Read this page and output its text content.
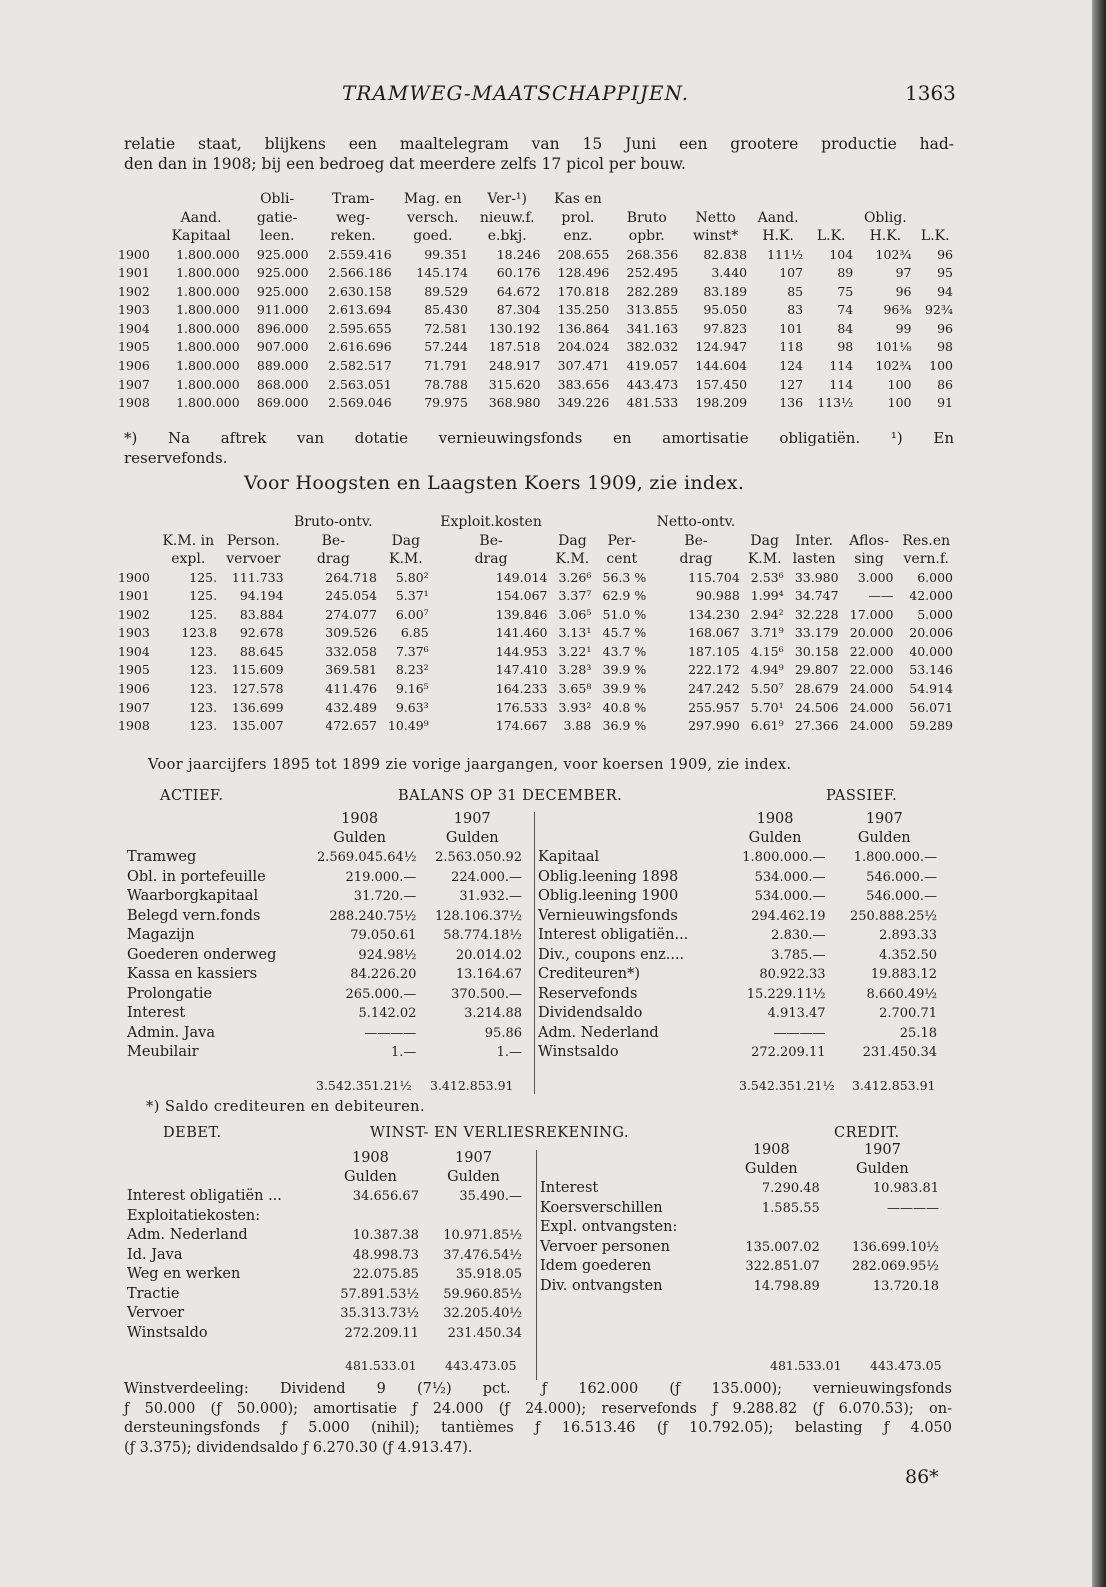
TRAMWEG-MAATSCHAPPIJEN.	1363
relatie staat, blijkens een maaltelegram van 15 Juni een grootere productie had-
den dan in 1908; bij een bedroeg dat meerdere zelfs 17 picol per bouw.
		Obli-	Tram-	Mag. en	Ver-¹)	Kas en						
	Aand.	gatie-	weg-	versch.	nieuw.f.	prol.	Bruto	Netto	Aand.		Oblig.	
	Kapitaal	leen.	reken.	goed.	e.bkj.	enz.	opbr.	winst*	H.K.	L.K.	H.K.	L.K.
1900	1.800.000	925.000	2.559.416	99.351	18.246	208.655	268.356	82.838	111½	104	102¾	96
1901	1.800.000	925.000	2.566.186	145.174	60.176	128.496	252.495	3.440	107	89	97	95
1902	1.800.000	925.000	2.630.158	89.529	64.672	170.818	282.289	83.189	85	75	96	94
1903	1.800.000	911.000	2.613.694	85.430	87.304	135.250	313.855	95.050	83	74	96⅜	92¾
1904	1.800.000	896.000	2.595.655	72.581	130.192	136.864	341.163	97.823	101	84	99	96
1905	1.800.000	907.000	2.616.696	57.244	187.518	204.024	382.032	124.947	118	98	101⅛	98
1906	1.800.000	889.000	2.582.517	71.791	248.917	307.471	419.057	144.604	124	114	102¾	100
1907	1.800.000	868.000	2.563.051	78.788	315.620	383.656	443.473	157.450	127	114	100	86
1908	1.800.000	869.000	2.569.046	79.975	368.980	349.226	481.533	198.209	136	113½	100	91
*) Na aftrek van dotatie vernieuwingsfonds en amortisatie obligatiën. ¹) En
reservefonds.
Voor Hoogsten en Laagsten Koers 1909, zie index.
			Bruto-ontv.		Exploit.kosten			Netto-ontv.				
	K.M. in	Person.	Be-	Dag	Be-	Dag	Per-	Be-	Dag	Inter.	Aflos-	Res.en
	expl.	vervoer	drag	K.M.	drag	K.M.	cent	drag	K.M.	lasten	sing	vern.f.
1900	125.	111.733	264.718	5.80²	149.014	3.26⁶	56.3 %	115.704	2.53⁶	33.980	3.000	6.000
1901	125.	94.194	245.054	5.37¹	154.067	3.37⁷	62.9 %	90.988	1.99⁴	34.747	——	42.000
1902	125.	83.884	274.077	6.00⁷	139.846	3.06⁵	51.0 %	134.230	2.94²	32.228	17.000	5.000
1903	123.8	92.678	309.526	6.85	141.460	3.13¹	45.7 %	168.067	3.71⁹	33.179	20.000	20.006
1904	123.	88.645	332.058	7.37⁶	144.953	3.22¹	43.7 %	187.105	4.15⁶	30.158	22.000	40.000
1905	123.	115.609	369.581	8.23²	147.410	3.28³	39.9 %	222.172	4.94⁹	29.807	22.000	53.146
1906	123.	127.578	411.476	9.16⁵	164.233	3.65⁸	39.9 %	247.242	5.50⁷	28.679	24.000	54.914
1907	123.	136.699	432.489	9.63³	176.533	3.93²	40.8 %	255.957	5.70¹	24.506	24.000	56.071
1908	123.	135.007	472.657	10.49⁹	174.667	3.88	36.9 %	297.990	6.61⁹	27.366	24.000	59.289
Voor jaarcijfers 1895 tot 1899 zie vorige jaargangen, voor koersen 1909, zie index.
ACTIEF.	BALANS OP 31 DECEMBER.	PASSIEF.
	1908	1907
	Gulden	Gulden
Tramweg	2.569.045.64½	2.563.050.92
Obl. in portefeuille	219.000.—	224.000.—
Waarborgkapitaal	31.720.—	31.932.—
Belegd vern.fonds	288.240.75½	128.106.37½
Magazijn	79.050.61	58.774.18½
Goederen onderweg	924.98½	20.014.02
Kassa en kassiers	84.226.20	13.164.67
Prolongatie	265.000.—	370.500.—
Interest	5.142.02	3.214.88
Admin. Java	————	95.86
Meubilair	1.—	1.—
	1908	1907
	Gulden	Gulden
Kapitaal	1.800.000.—	1.800.000.—
Oblig.leening 1898	534.000.—	546.000.—
Oblig.leening 1900	534.000.—	546.000.—
Vernieuwingsfonds	294.462.19	250.888.25½
Interest obligatiën...	2.830.—	2.893.33
Div., coupons enz....	3.785.—	4.352.50
Crediteuren*)	80.922.33	19.883.12
Reservefonds	15.229.11½	8.660.49½
Dividendsaldo	4.913.47	2.700.71
Adm. Nederland	————	25.18
Winstsaldo	272.209.11	231.450.34
3.542.351.21½ 3.412.853.91	3.542.351.21½ 3.412.853.91
*) Saldo crediteuren en debiteuren.
DEBET.	WINST- EN VERLIESREKENING.	CREDIT.
	1908	1907
	Gulden	Gulden
Interest obligatiën ...	34.656.67	35.490.—
Exploitatiekosten:		
Adm. Nederland	10.387.38	10.971.85½
Id. Java	48.998.73	37.476.54½
Weg en werken	22.075.85	35.918.05
Tractie	57.891.53½	59.960.85½
Vervoer	35.313.73½	32.205.40½
Winstsaldo	272.209.11	231.450.34
	1908	1907
	Gulden	Gulden
Interest	7.290.48	10.983.81
Koersverschillen	1.585.55	————
Expl. ontvangsten:		
Vervoer personen	135.007.02	136.699.10½
Idem goederen	322.851.07	282.069.95½
Div. ontvangsten	14.798.89	13.720.18
481.533.01 443.473.05	481.533.01 443.473.05
Winstverdeeling: Dividend 9 (7½) pct. ƒ 162.000 (ƒ 135.000); vernieuwingsfonds
ƒ 50.000 (ƒ 50.000); amortisatie ƒ 24.000 (ƒ 24.000); reservefonds ƒ 9.288.82 (ƒ 6.070.53); on-
dersteuningsfonds ƒ 5.000 (nihil); tantièmes ƒ 16.513.46 (ƒ 10.792.05); belasting ƒ 4.050
(ƒ 3.375); dividendsaldo ƒ 6.270.30 (ƒ 4.913.47).
86*
